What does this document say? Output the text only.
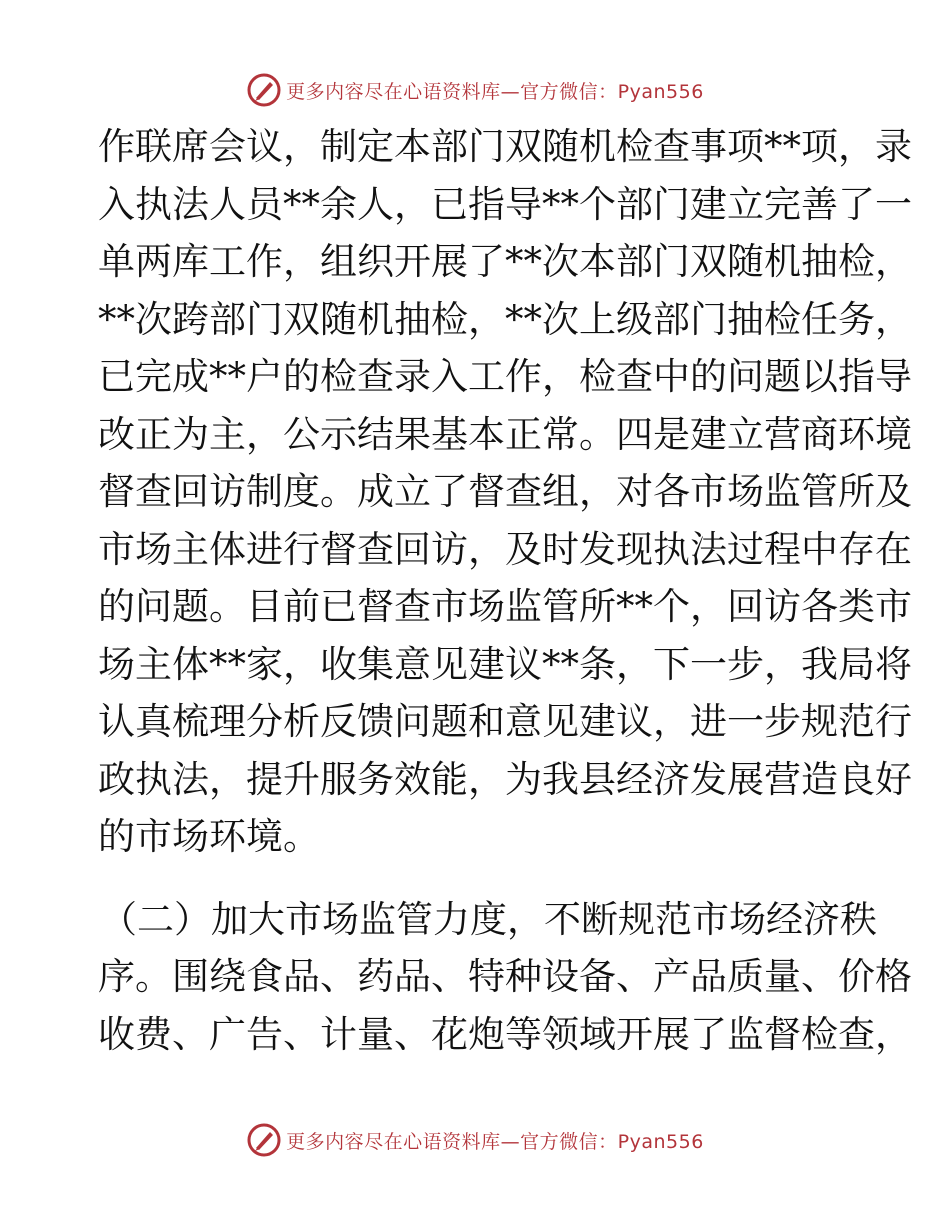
更多内容尽在心语资料库—官方微信：Pyan556
作联席会议，制定本部门双随机检查事项**项，录
入执法人员**余人，已指导**个部门建立完善了一
单两库工作，组织开展了**次本部门双随机抽检，
**次跨部门双随机抽检，**次上级部门抽检任务，
已完成**户的检查录入工作，检查中的问题以指导
改正为主，公示结果基本正常。四是建立营商环境
督查回访制度。成立了督查组，对各市场监管所及
市场主体进行督查回访，及时发现执法过程中存在
的问题。目前已督查市场监管所**个，回访各类市
场主体**家，收集意见建议**条，下一步，我局将
认真梳理分析反馈问题和意见建议，进一步规范行
政执法，提升服务效能，为我县经济发展营造良好
的市场环境。
（二）加大市场监管力度，不断规范市场经济秩
序。围绕食品、药品、特种设备、产品质量、价格
收费、广告、计量、花炮等领域开展了监督检查，
更多内容尽在心语资料库—官方微信：Pyan556
